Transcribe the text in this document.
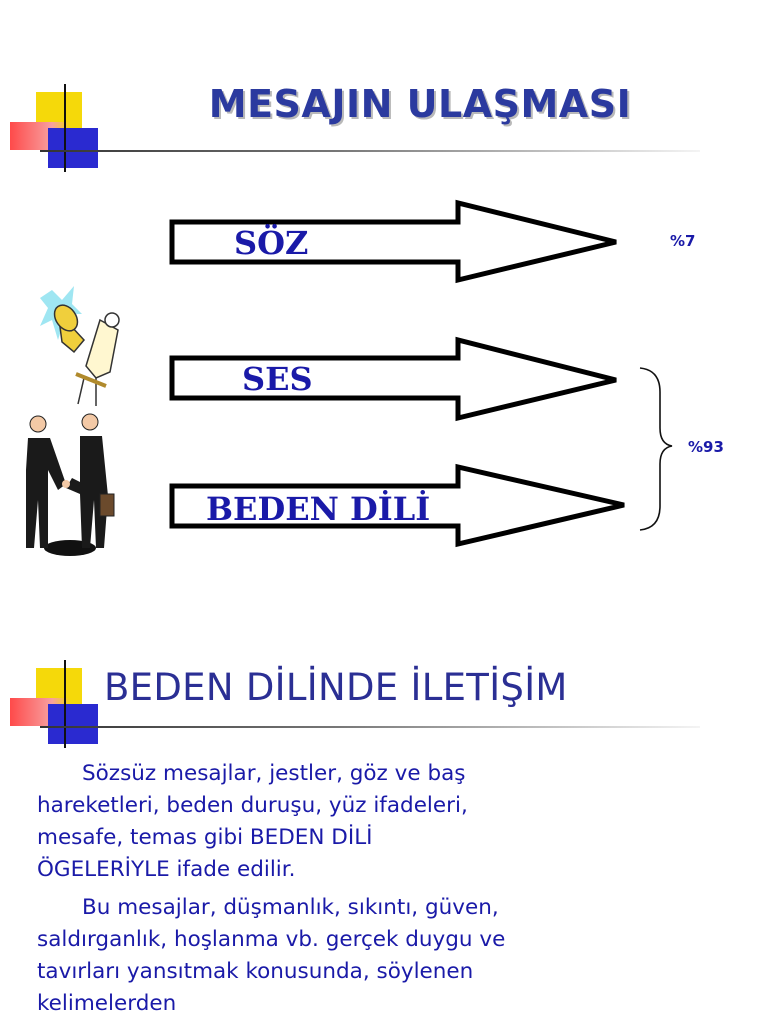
MESAJIN ULAŞMASI
SÖZ
SES
BEDEN DİLİ
%7
%93
BEDEN DİLİNDE İLETİŞİM

Sözsüz mesajlar, jestler, göz ve baş hareketleri, beden duruşu, yüz ifadeleri, mesafe, temas gibi BEDEN DİLİ ÖGELERİYLE ifade edilir.

Bu mesajlar, düşmanlık, sıkıntı, güven, saldırganlık, hoşlanma vb. gerçek duygu ve tavırları yansıtmak konusunda, söylenen kelimelerden
